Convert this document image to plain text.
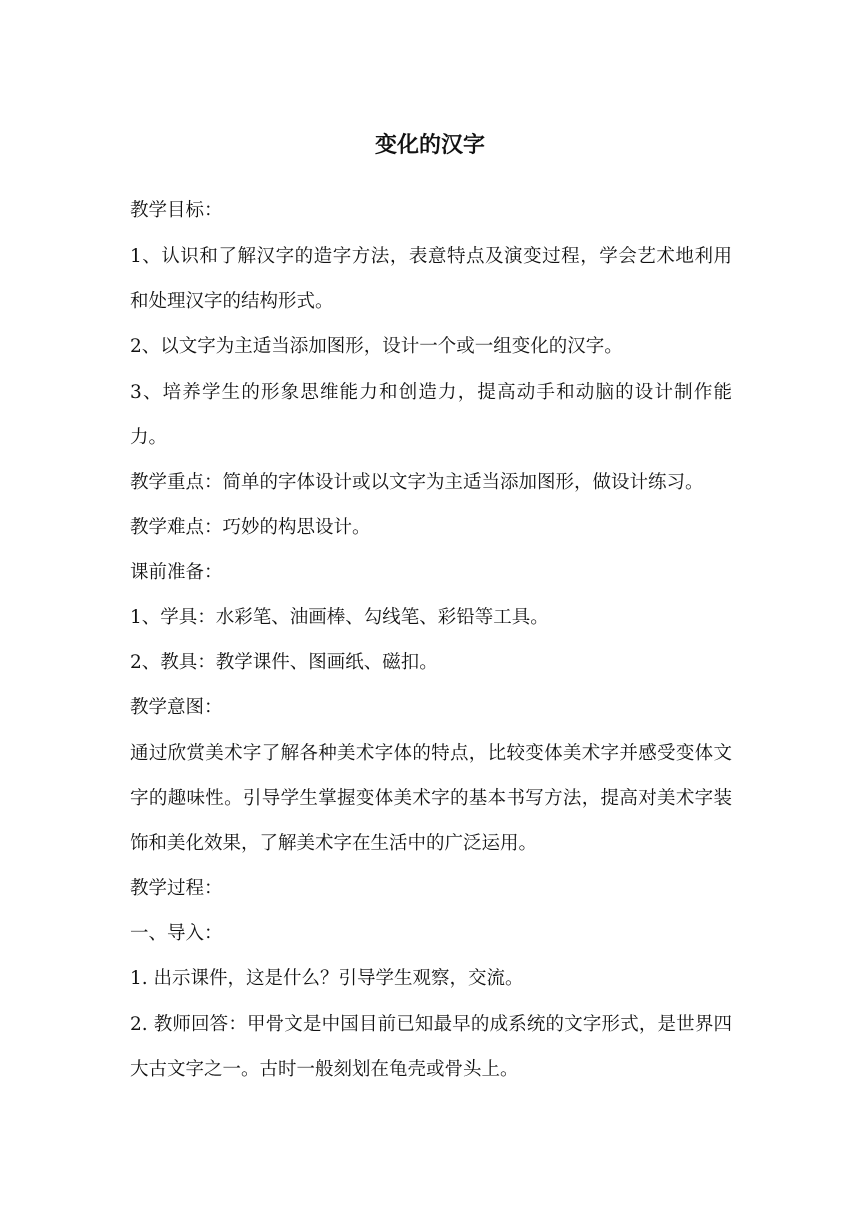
变化的汉字

教学目标：

1、认识和了解汉字的造字方法，表意特点及演变过程，学会艺术地利用和处理汉字的结构形式。

2、以文字为主适当添加图形，设计一个或一组变化的汉字。

3、培养学生的形象思维能力和创造力，提高动手和动脑的设计制作能力。

教学重点：简单的字体设计或以文字为主适当添加图形，做设计练习。

教学难点：巧妙的构思设计。

课前准备：

1、学具：水彩笔、油画棒、勾线笔、彩铅等工具。

2、教具：教学课件、图画纸、磁扣。

教学意图：

通过欣赏美术字了解各种美术字体的特点，比较变体美术字并感受变体文字的趣味性。引导学生掌握变体美术字的基本书写方法，提高对美术字装饰和美化效果，了解美术字在生活中的广泛运用。

教学过程：

一、导入：

1. 出示课件，这是什么？引导学生观察，交流。

2. 教师回答：甲骨文是中国目前已知最早的成系统的文字形式，是世界四大古文字之一。古时一般刻划在龟壳或骨头上。
